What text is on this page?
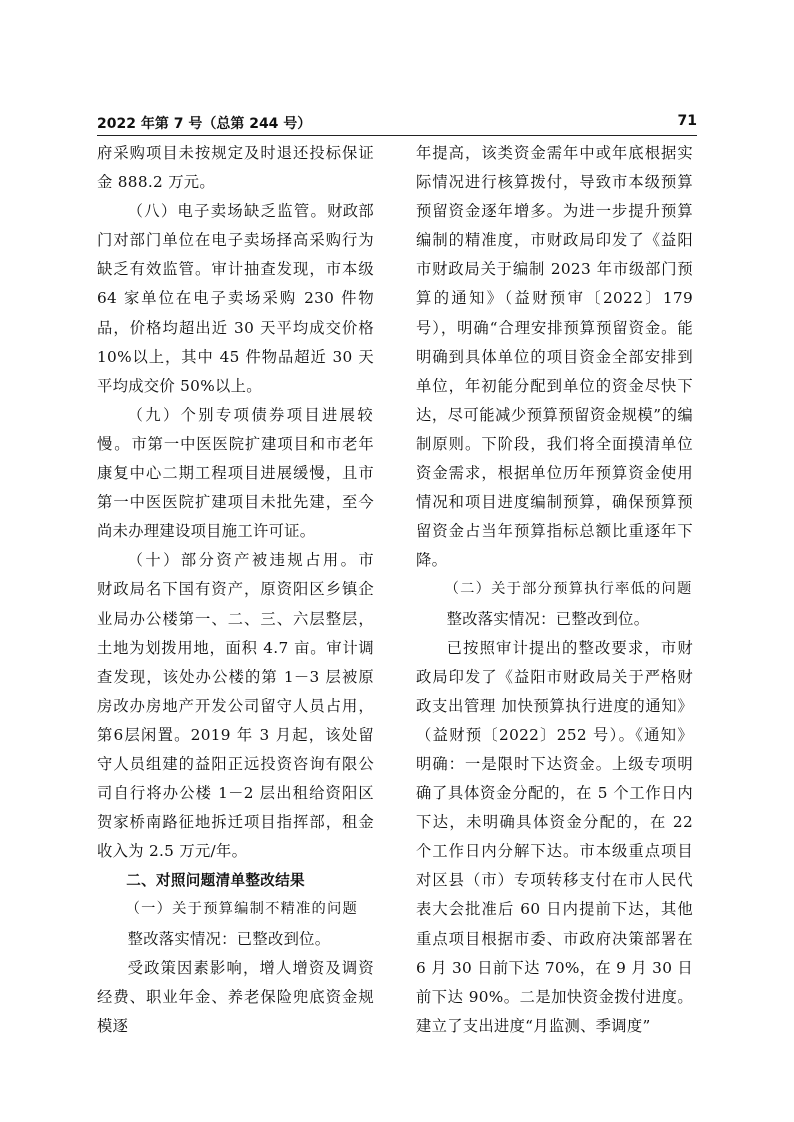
2022 年第 7 号（总第 244 号）	71

府采购项目未按规定及时退还投标保证金 888.2 万元。

（八）电子卖场缺乏监管。财政部门对部门单位在电子卖场择高采购行为缺乏有效监管。审计抽查发现，市本级 64 家单位在电子卖场采购 230 件物品，价格均超出近 30 天平均成交价格 10%以上，其中 45 件物品超近 30 天平均成交价 50%以上。

（九）个别专项债券项目进展较慢。市第一中医医院扩建项目和市老年康复中心二期工程项目进展缓慢，且市第一中医医院扩建项目未批先建，至今尚未办理建设项目施工许可证。

（十）部分资产被违规占用。市财政局名下国有资产，原资阳区乡镇企业局办公楼第一、二、三、六层整层，土地为划拨用地，面积 4.7 亩。审计调查发现，该处办公楼的第 1－3 层被原房改办房地产开发公司留守人员占用，第6层闲置。2019 年 3 月起，该处留守人员组建的益阳正远投资咨询有限公司自行将办公楼 1－2 层出租给资阳区贺家桥南路征地拆迁项目指挥部，租金收入为 2.5 万元/年。

二、对照问题清单整改结果

（一）关于预算编制不精准的问题

整改落实情况：已整改到位。

受政策因素影响，增人增资及调资经费、职业年金、养老保险兜底资金规模逐

年提高，该类资金需年中或年底根据实际情况进行核算拨付，导致市本级预算预留资金逐年增多。为进一步提升预算编制的精准度，市财政局印发了《益阳市财政局关于编制 2023 年市级部门预算的通知》（益财预审〔2022〕179 号），明确“合理安排预算预留资金。能明确到具体单位的项目资金全部安排到单位，年初能分配到单位的资金尽快下达，尽可能减少预算预留资金规模”的编制原则。下阶段，我们将全面摸清单位资金需求，根据单位历年预算资金使用情况和项目进度编制预算，确保预算预留资金占当年预算指标总额比重逐年下降。

（二）关于部分预算执行率低的问题

整改落实情况：已整改到位。

已按照审计提出的整改要求，市财政局印发了《益阳市财政局关于严格财政支出管理 加快预算执行进度的通知》（益财预〔2022〕252 号）。《通知》明确：一是限时下达资金。上级专项明确了具体资金分配的，在 5 个工作日内下达，未明确具体资金分配的，在 22 个工作日内分解下达。市本级重点项目对区县（市）专项转移支付在市人民代表大会批准后 60 日内提前下达，其他重点项目根据市委、市政府决策部署在 6 月 30 日前下达 70%，在 9 月 30 日前下达 90%。二是加快资金拨付进度。建立了支出进度“月监测、季调度”
